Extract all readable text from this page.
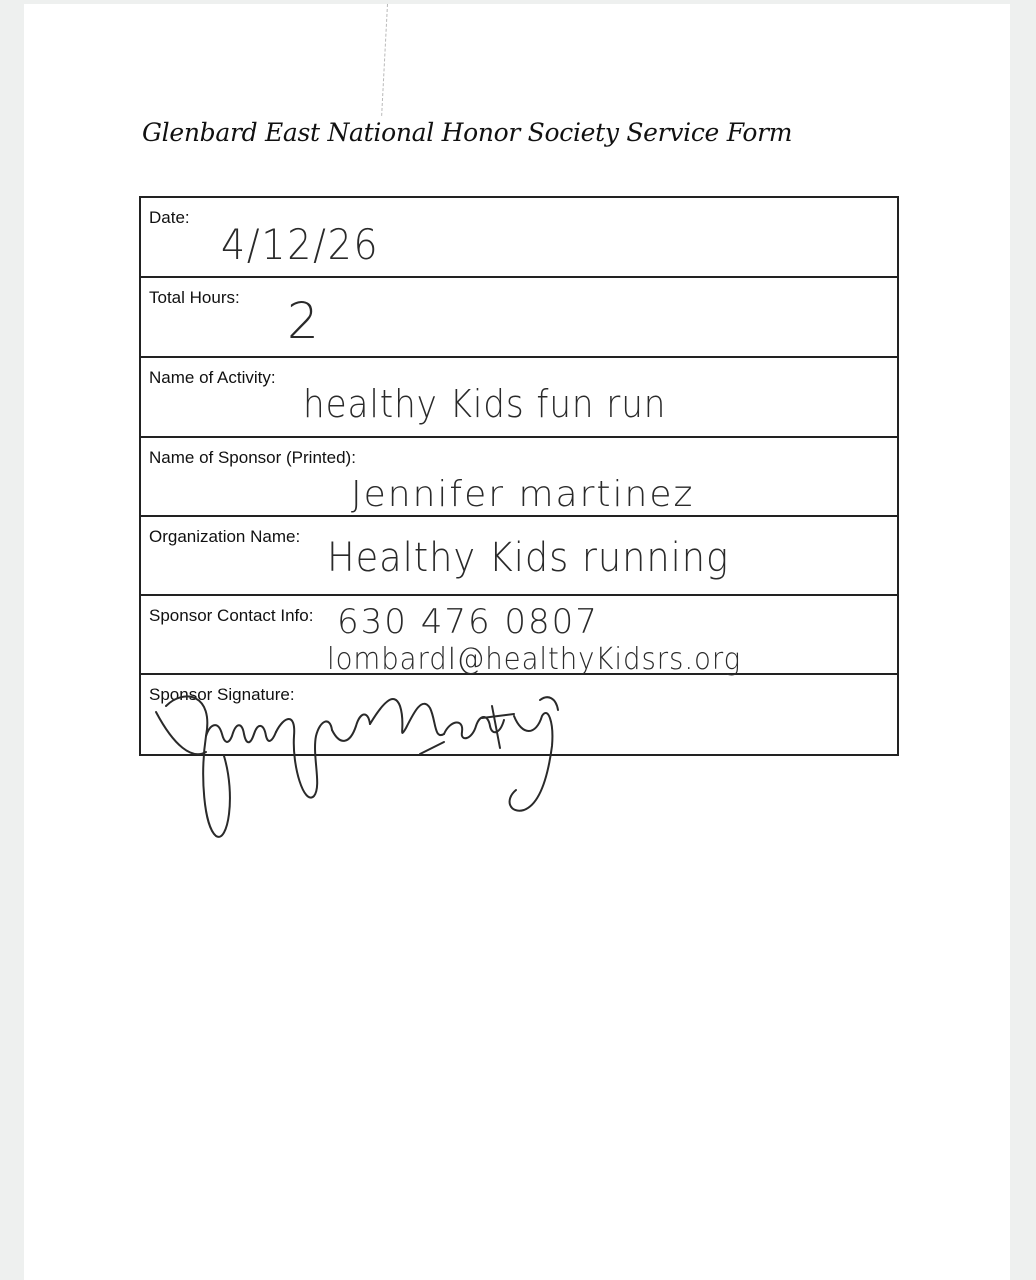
Glenbard East National Honor Society Service Form
Date:
4/12/26
Total Hours: 2
Name of Activity:
healthy Kids fun run
Name of Sponsor (Printed):
Jennifer martinez
Organization Name: Healthy Kids running
Sponsor Contact Info: 630 476 0807
lombardI@healthyKidsrs.org
Sponsor Signature:
